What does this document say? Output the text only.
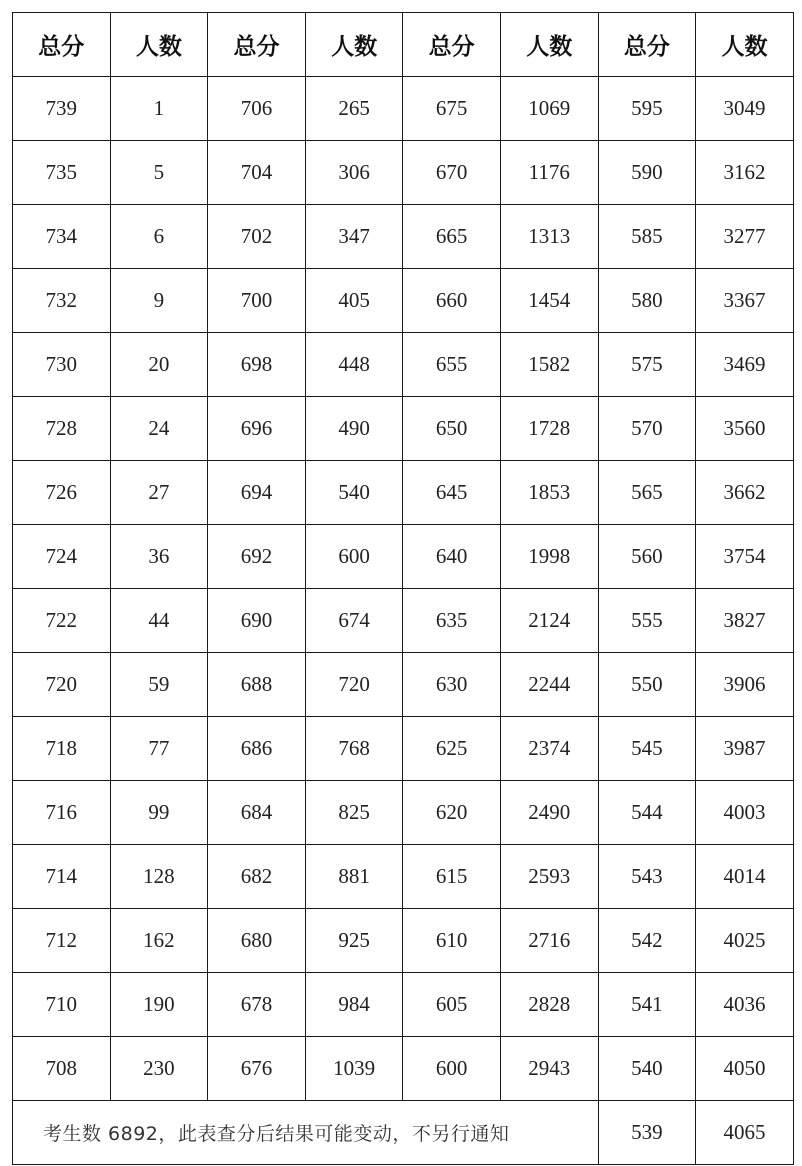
总分	人数	总分	人数	总分	人数	总分	人数
739	1	706	265	675	1069	595	3049
735	5	704	306	670	1176	590	3162
734	6	702	347	665	1313	585	3277
732	9	700	405	660	1454	580	3367
730	20	698	448	655	1582	575	3469
728	24	696	490	650	1728	570	3560
726	27	694	540	645	1853	565	3662
724	36	692	600	640	1998	560	3754
722	44	690	674	635	2124	555	3827
720	59	688	720	630	2244	550	3906
718	77	686	768	625	2374	545	3987
716	99	684	825	620	2490	544	4003
714	128	682	881	615	2593	543	4014
712	162	680	925	610	2716	542	4025
710	190	678	984	605	2828	541	4036
708	230	676	1039	600	2943	540	4050
考生数 6892，此表查分后结果可能变动，不另行通知						539	4065
